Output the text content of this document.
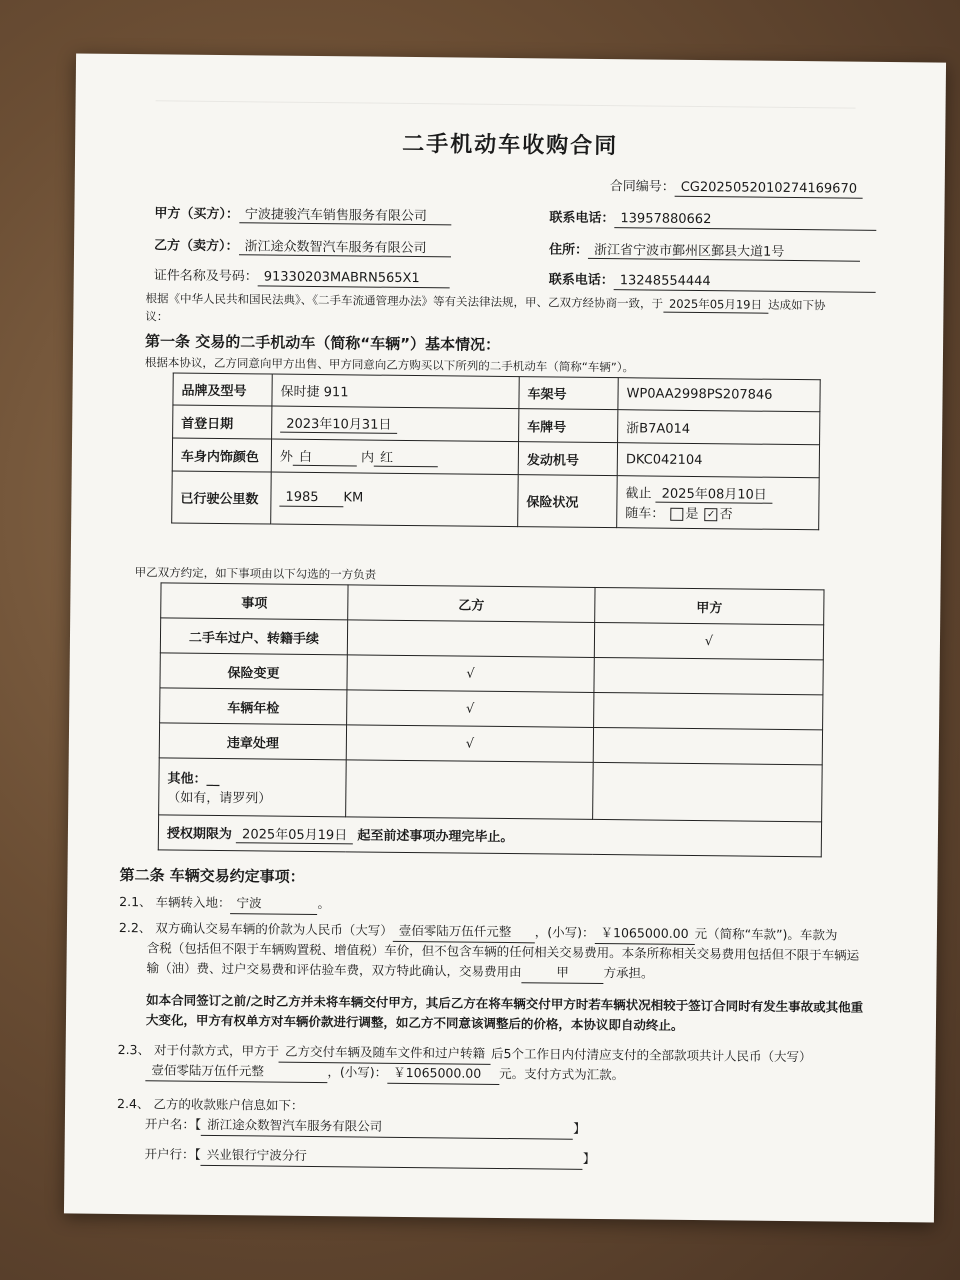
二手机动车收购合同
合同编号： CG2025052010274169670
甲方（买方）： 宁波捷骏汽车销售服务有限公司	联系电话： 13957880662
乙方（卖方）： 浙江途众数智汽车服务有限公司	住所： 浙江省宁波市鄞州区鄞县大道1号
证件名称及号码： 91330203MABRN565X1	联系电话： 13248554444
根据《中华人民共和国民法典》、《二手车流通管理办法》等有关法律法规，甲、乙双方经协商一致，于 2025年05月19日 达成如下协
议：
第一条 交易的二手机动车（简称“车辆”）基本情况：
根据本协议，乙方同意向甲方出售、甲方同意向乙方购买以下所列的二手机动车（简称“车辆”）。
品牌及型号	保时捷 911	车架号	WP0AA2998PS207846
首登日期	2023年10月31日	车牌号	浙B7A014
车身内饰颜色	外 白 内 红	发动机号	DKC042104
已行驶公里数	1985 KM	保险状况	截止 2025年08月10日
随车： 是 ✓ 否
甲乙双方约定，如下事项由以下勾选的一方负责
事项	乙方	甲方
二手车过户、转籍手续		√
保险变更	√	
车辆年检	√	
违章处理	√	
其他：__
（如有，请罗列）		
授权期限为 2025年05月19日 起至前述事项办理完毕止。		
第二条 车辆交易约定事项：
2.1、 车辆转入地： 宁波	。
2.2、 双方确认交易车辆的价款为人民币（大写） 壹佰零陆万伍仟元整 ，(小写)： ￥1065000.00 元（简称“车款”)。车款为
含税（包括但不限于车辆购置税、增值税）车价，但不包含车辆的任何相关交易费用。本条所称相关交易费用包括但不限于车辆运
输（油）费、过户交易费和评估验车费，双方特此确认，交易费用由	甲	方承担。
如本合同签订之前/之时乙方并未将车辆交付甲方，其后乙方在将车辆交付甲方时若车辆状况相较于签订合同时有发生事故或其他重
大变化，甲方有权单方对车辆价款进行调整，如乙方不同意该调整后的价格，本协议即自动终止。
2.3、 对于付款方式，甲方于 乙方交付车辆及随车文件和过户转籍 后5个工作日内付清应支付的全部款项共计人民币（大写）
壹佰零陆万伍仟元整	，(小写)： ￥1065000.00 元。支付方式为汇款。
2.4、 乙方的收款账户信息如下：
开户名：【 浙江途众数智汽车服务有限公司	】
开户行：【 兴业银行宁波分行	】
